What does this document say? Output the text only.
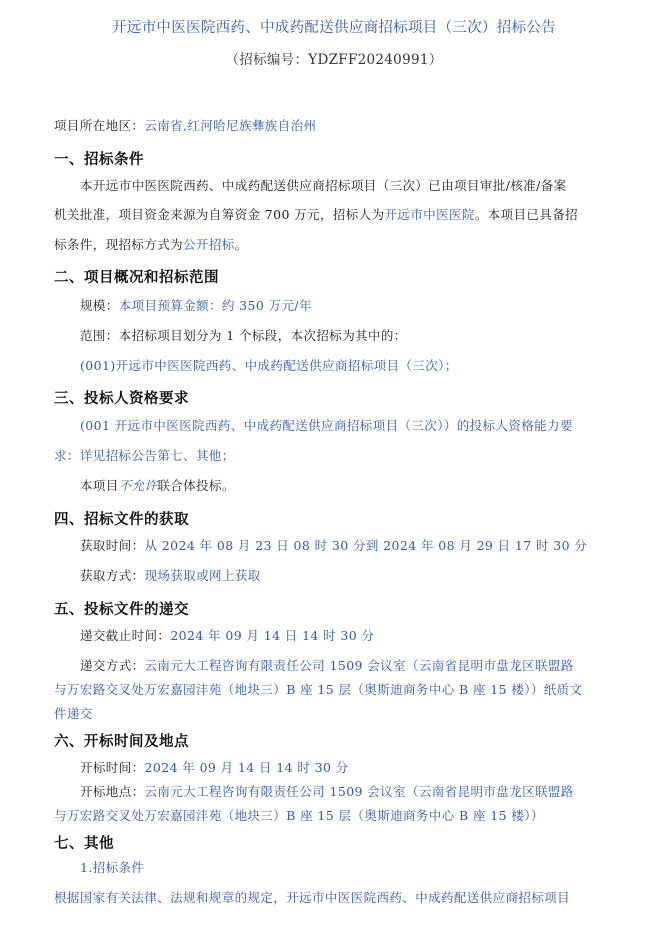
开远市中医医院西药、中成药配送供应商招标项目（三次）招标公告
（招标编号：YDZFF20240991）
项目所在地区：云南省,红河哈尼族彝族自治州
一、招标条件
本开远市中医医院西药、中成药配送供应商招标项目（三次）已由项目审批/核准/备案
机关批准，项目资金来源为自筹资金 700 万元，招标人为开远市中医医院。本项目已具备招
标条件，现招标方式为公开招标。
二、项目概况和招标范围
规模：本项目预算金额：约 350 万元/年
范围：本招标项目划分为 1 个标段，本次招标为其中的：
(001)开远市中医医院西药、中成药配送供应商招标项目（三次）；
三、投标人资格要求
(001 开远市中医医院西药、中成药配送供应商招标项目（三次））的投标人资格能力要
求：详见招标公告第七、其他；
本项目不允许联合体投标。
四、招标文件的获取
获取时间：从 2024 年 08 月 23 日 08 时 30 分到 2024 年 08 月 29 日 17 时 30 分
获取方式：现场获取或网上获取
五、投标文件的递交
递交截止时间：2024 年 09 月 14 日 14 时 30 分
递交方式：云南元大工程咨询有限责任公司 1509 会议室（云南省昆明市盘龙区联盟路
与万宏路交叉处万宏嘉园沣苑（地块三）B 座 15 层（奥斯迪商务中心 B 座 15 楼））纸质文
件递交
六、开标时间及地点
开标时间：2024 年 09 月 14 日 14 时 30 分
开标地点：云南元大工程咨询有限责任公司 1509 会议室（云南省昆明市盘龙区联盟路
与万宏路交叉处万宏嘉园沣苑（地块三）B 座 15 层（奥斯迪商务中心 B 座 15 楼））
七、其他
1.招标条件
根据国家有关法律、法规和规章的规定，开远市中医医院西药、中成药配送供应商招标项目
